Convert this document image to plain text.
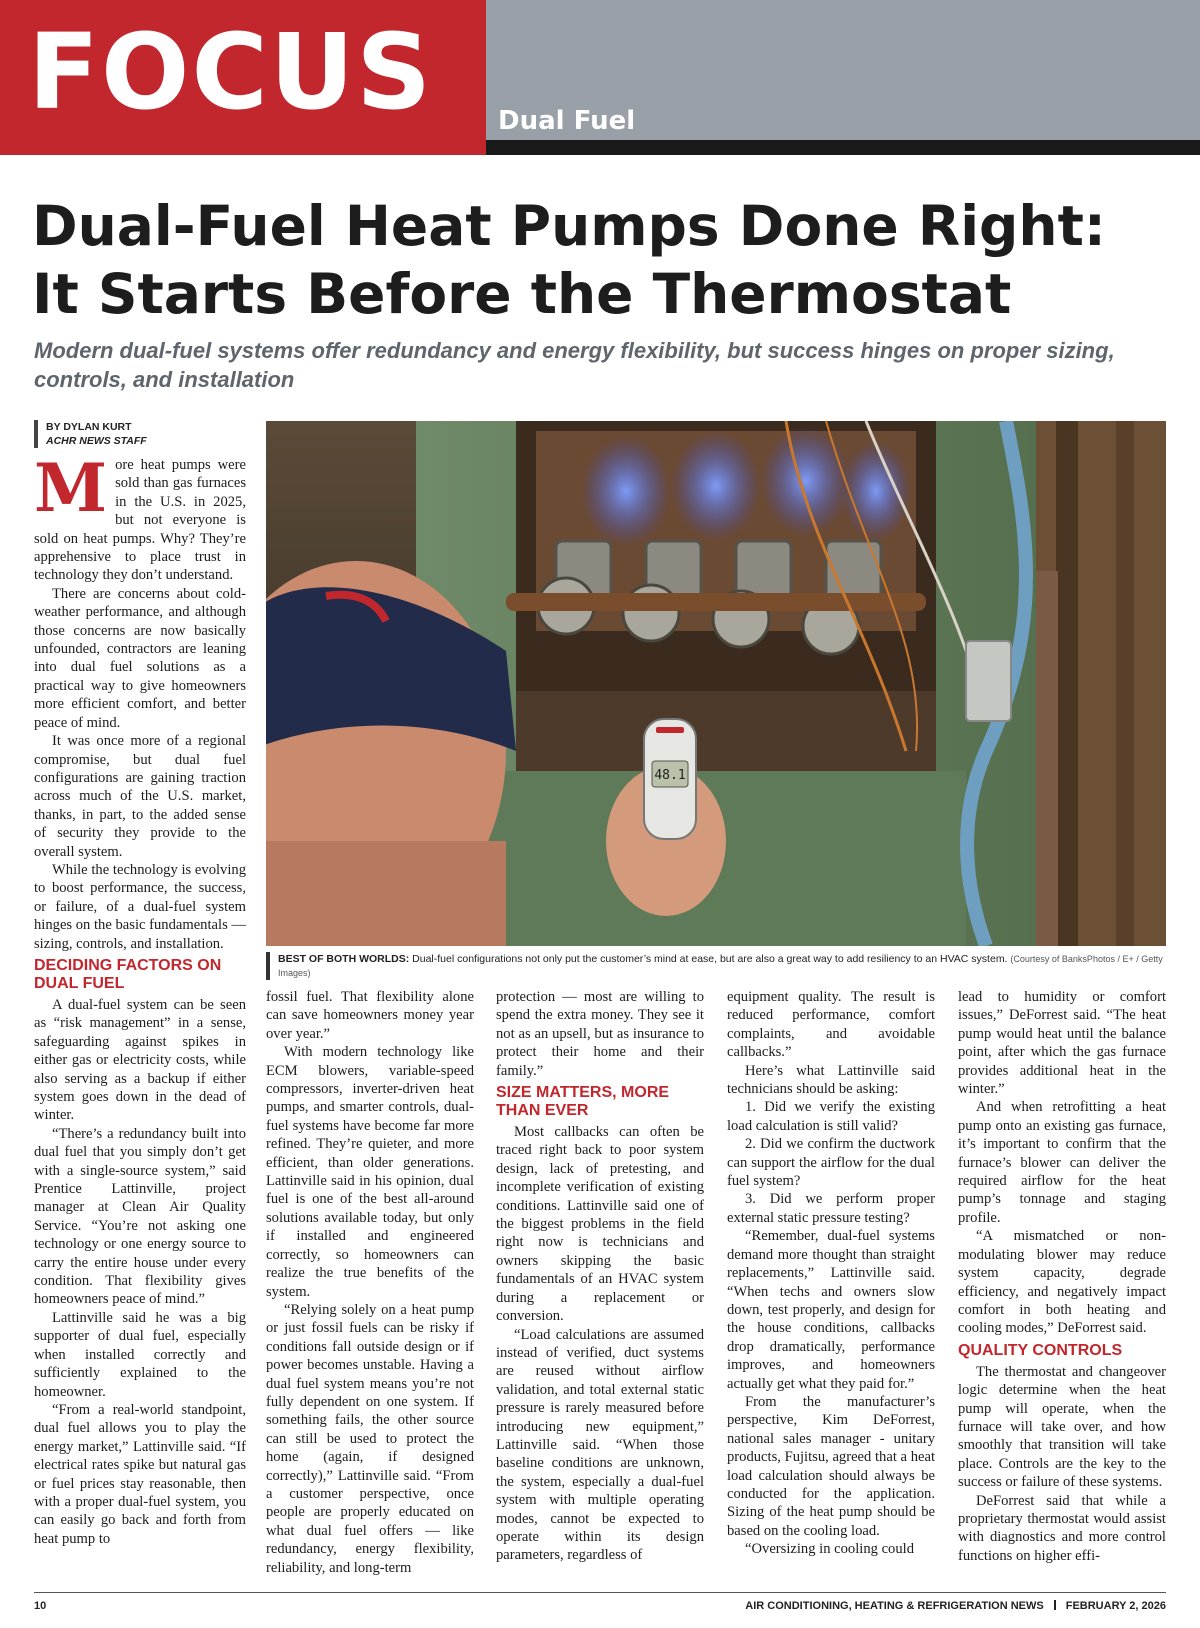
FOCUS Dual Fuel
Dual-Fuel Heat Pumps Done Right:
It Starts Before the Thermostat

Modern dual-fuel systems offer redundancy and energy flexibility, but success hinges on proper sizing, controls, and installation

BY DYLAN KURT
ACHR NEWS STAFF
48.1
BEST OF BOTH WORLDS: Dual-fuel configurations not only put the customer’s mind at ease, but are also a great way to add resiliency to an HVAC system. (Courtesy of BanksPhotos / E+ / Getty Images)

More heat pumps were sold than gas furnaces in the U.S. in 2025, but not everyone is sold on heat pumps. Why? They’re apprehensive to place trust in technology they don’t understand.

There are concerns about cold-weather performance, and although those concerns are now basically unfounded, contractors are leaning into dual fuel solutions as a practical way to give homeowners more efficient comfort, and better peace of mind.

It was once more of a regional compromise, but dual fuel configurations are gaining traction across much of the U.S. market, thanks, in part, to the added sense of security they provide to the overall system.

While the technology is evolving to boost performance, the success, or failure, of a dual-fuel system hinges on the basic fundamentals — sizing, controls, and installation.

DECIDING FACTORS ON DUAL FUEL

A dual-fuel system can be seen as “risk management” in a sense, safeguarding against spikes in either gas or electricity costs, while also serving as a backup if either system goes down in the dead of winter.

“There’s a redundancy built into dual fuel that you simply don’t get with a single-source system,” said Prentice Lattinville, project manager at Clean Air Quality Service. “You’re not asking one technology or one energy source to carry the entire house under every condition. That flexibility gives homeowners peace of mind.”

Lattinville said he was a big supporter of dual fuel, especially when installed correctly and sufficiently explained to the homeowner.

“From a real-world standpoint, dual fuel allows you to play the energy market,” Lattinville said. “If electrical rates spike but natural gas or fuel prices stay reasonable, then with a proper dual-fuel system, you can easily go back and forth from heat pump to

fossil fuel. That flexibility alone can save homeowners money year over year.”

With modern technology like ECM blowers, variable-speed compressors, inverter-driven heat pumps, and smarter controls, dual-fuel systems have become far more refined. They’re quieter, and more efficient, than older generations. Lattinville said in his opinion, dual fuel is one of the best all-around solutions available today, but only if installed and engineered correctly, so homeowners can realize the true benefits of the system.

“Relying solely on a heat pump or just fossil fuels can be risky if conditions fall outside design or if power becomes unstable. Having a dual fuel system means you’re not fully dependent on one system. If something fails, the other source can still be used to protect the home (again, if designed correctly),” Lattinville said. “From a customer perspective, once people are properly educated on what dual fuel offers — like redundancy, energy flexibility, reliability, and long-term

protection — most are willing to spend the extra money. They see it not as an upsell, but as insurance to protect their home and their family.”

SIZE MATTERS, MORE THAN EVER

Most callbacks can often be traced right back to poor system design, lack of pretesting, and incomplete verification of existing conditions. Lattinville said one of the biggest problems in the field right now is technicians and owners skipping the basic fundamentals of an HVAC system during a replacement or conversion.

“Load calculations are assumed instead of verified, duct systems are reused without airflow validation, and total external static pressure is rarely measured before introducing new equipment,” Lattinville said. “When those baseline conditions are unknown, the system, especially a dual-fuel system with multiple operating modes, cannot be expected to operate within its design parameters, regardless of

equipment quality. The result is reduced performance, comfort complaints, and avoidable callbacks.”

Here’s what Lattinville said technicians should be asking:

1. Did we verify the existing load calculation is still valid?

2. Did we confirm the ductwork can support the airflow for the dual fuel system?

3. Did we perform proper external static pressure testing?

“Remember, dual-fuel systems demand more thought than straight replacements,” Lattinville said. “When techs and owners slow down, test properly, and design for the house conditions, callbacks drop dramatically, performance improves, and homeowners actually get what they paid for.”

From the manufacturer’s perspective, Kim DeForrest, national sales manager - unitary products, Fujitsu, agreed that a heat load calculation should always be conducted for the application. Sizing of the heat pump should be based on the cooling load.

“Oversizing in cooling could

lead to humidity or comfort issues,” DeForrest said. “The heat pump would heat until the balance point, after which the gas furnace provides additional heat in the winter.”

And when retrofitting a heat pump onto an existing gas furnace, it’s important to confirm that the furnace’s blower can deliver the required airflow for the heat pump’s tonnage and staging profile.

“A mismatched or non-modulating blower may reduce system capacity, degrade efficiency, and negatively impact comfort in both heating and cooling modes,” DeForrest said.

QUALITY CONTROLS

The thermostat and changeover logic determine when the heat pump will operate, when the furnace will take over, and how smoothly that transition will take place. Controls are the key to the success or failure of these systems.

DeForrest said that while a proprietary thermostat would assist with diagnostics and more control functions on higher effi-

10	AIR CONDITIONING, HEATING & REFRIGERATION NEWS FEBRUARY 2, 2026
